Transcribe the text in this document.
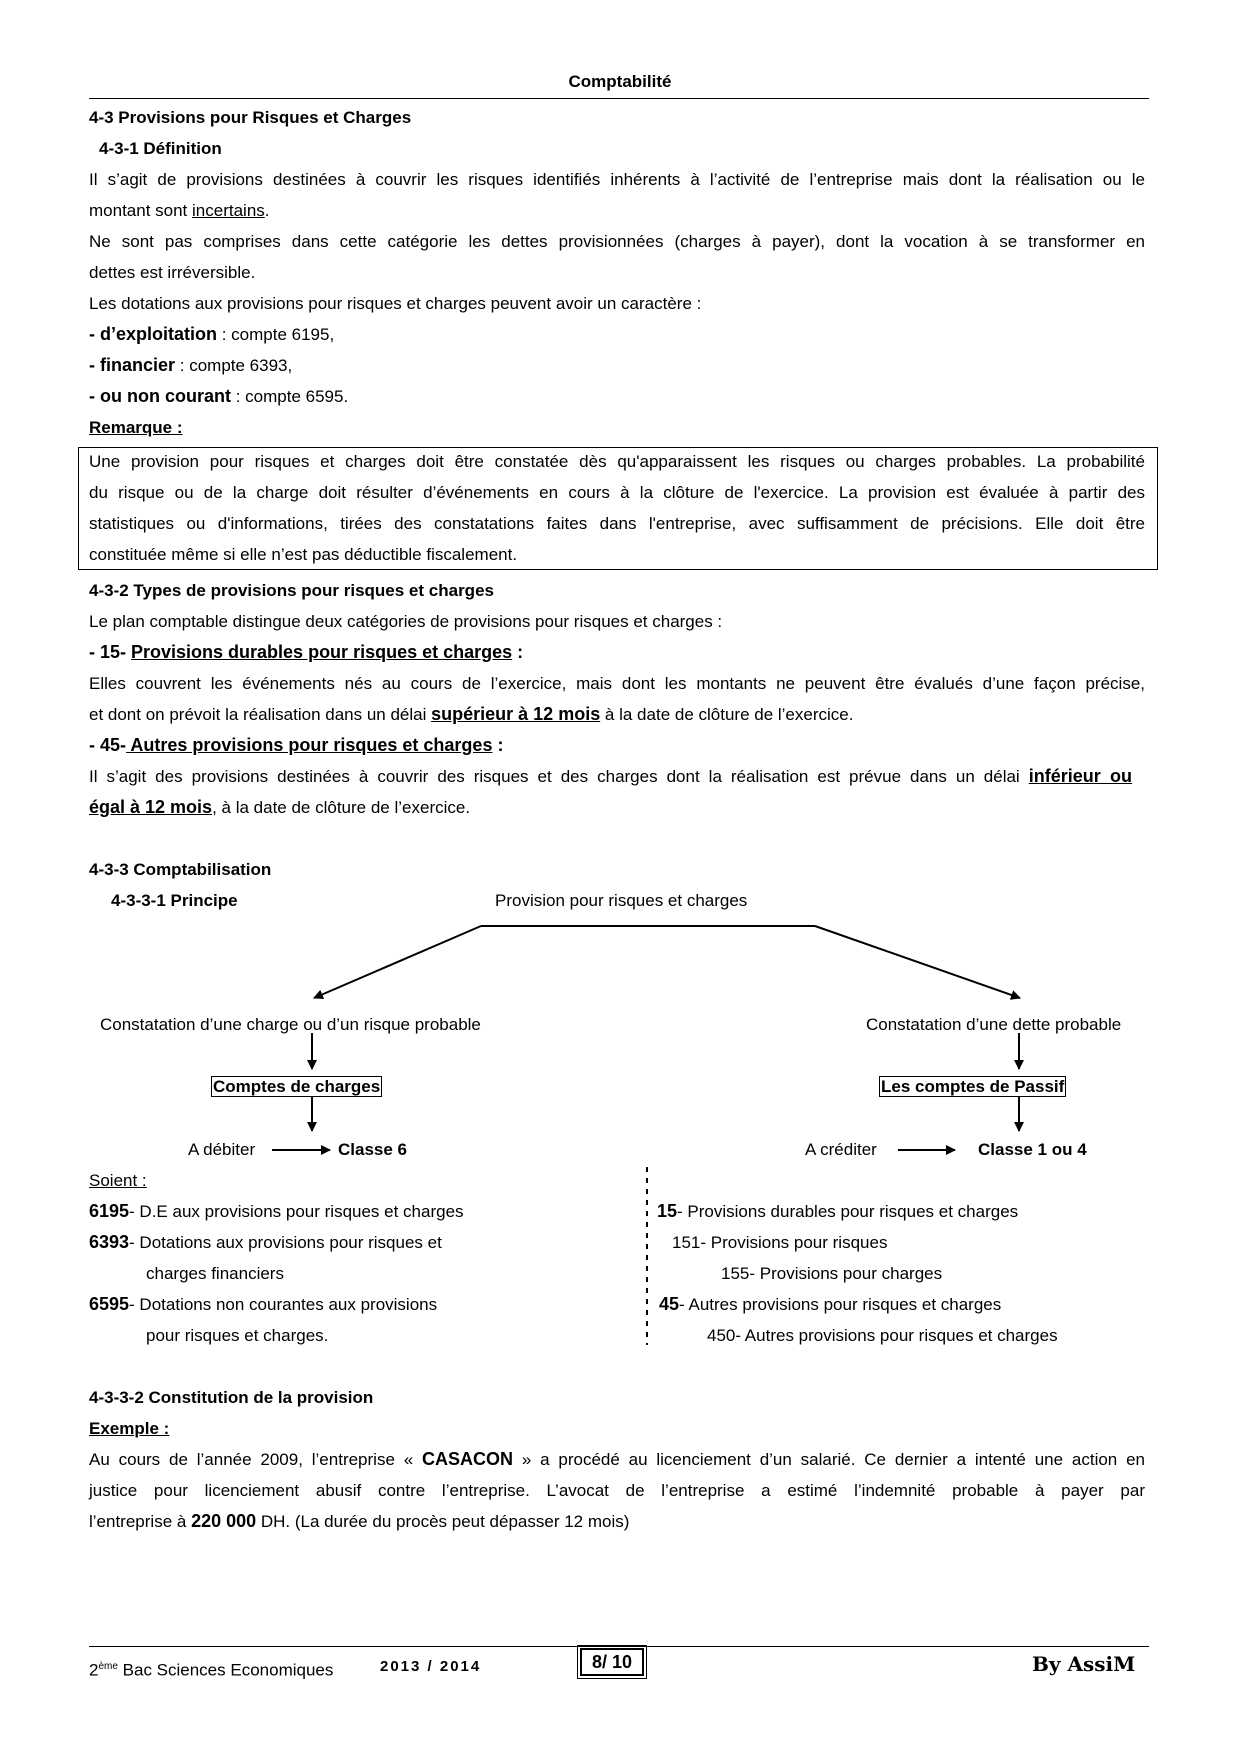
Comptabilité
4-3 Provisions pour Risques et Charges
4-3-1 Définition
Il s’agit de provisions destinées à couvrir les risques identifiés inhérents à l’activité de l’entreprise mais dont la réalisation ou le
montant sont incertains.
Ne sont pas comprises dans cette catégorie les dettes provisionnées (charges à payer), dont la vocation à se transformer en
dettes est irréversible.
Les dotations aux provisions pour risques et charges peuvent avoir un caractère :
- d’exploitation : compte 6195,
- financier : compte 6393,
- ou non courant : compte 6595.
Remarque :
Une provision pour risques et charges doit être constatée dès qu'apparaissent les risques ou charges probables. La probabilité
du risque ou de la charge doit résulter d’événements en cours à la clôture de l'exercice. La provision est évaluée à partir des
statistiques ou d'informations, tirées des constatations faites dans l'entreprise, avec suffisamment de précisions. Elle doit être
constituée même si elle n’est pas déductible fiscalement.
4-3-2 Types de provisions pour risques et charges
Le plan comptable distingue deux catégories de provisions pour risques et charges :
- 15- Provisions durables pour risques et charges :
Elles couvrent les événements nés au cours de l’exercice, mais dont les montants ne peuvent être évalués d’une façon précise,
et dont on prévoit la réalisation dans un délai supérieur à 12 mois à la date de clôture de l’exercice.
- 45- Autres provisions pour risques et charges :
Il s’agit des provisions destinées à couvrir des risques et des charges dont la réalisation est prévue dans un délai inférieur ou
égal à 12 mois, à la date de clôture de l’exercice.
4-3-3 Comptabilisation
4-3-3-1 Principe	Provision pour risques et charges
Constatation d’une charge ou d’un risque probable	Constatation d’une dette probable
Comptes de charges	Les comptes de Passif
A débiter	Classe 6	A créditer	Classe 1 ou 4
Soient :
6195- D.E aux provisions pour risques et charges
6393- Dotations aux provisions pour risques et
charges financiers
6595- Dotations non courantes aux provisions
pour risques et charges.
15- Provisions durables pour risques et charges
151- Provisions pour risques
155- Provisions pour charges
45- Autres provisions pour risques et charges
450- Autres provisions pour risques et charges
4-3-3-2 Constitution de la provision
Exemple :
Au cours de l’année 2009, l’entreprise « CASACON » a procédé au licenciement d’un salarié. Ce dernier a intenté une action en
justice pour licenciement abusif contre l’entreprise. L’avocat de l’entreprise a estimé l’indemnité probable à payer par
l’entreprise à 220 000 DH. (La durée du procès peut dépasser 12 mois)
2ème Bac Sciences Economiques	2013 / 2014	8/ 10	By AssiM
